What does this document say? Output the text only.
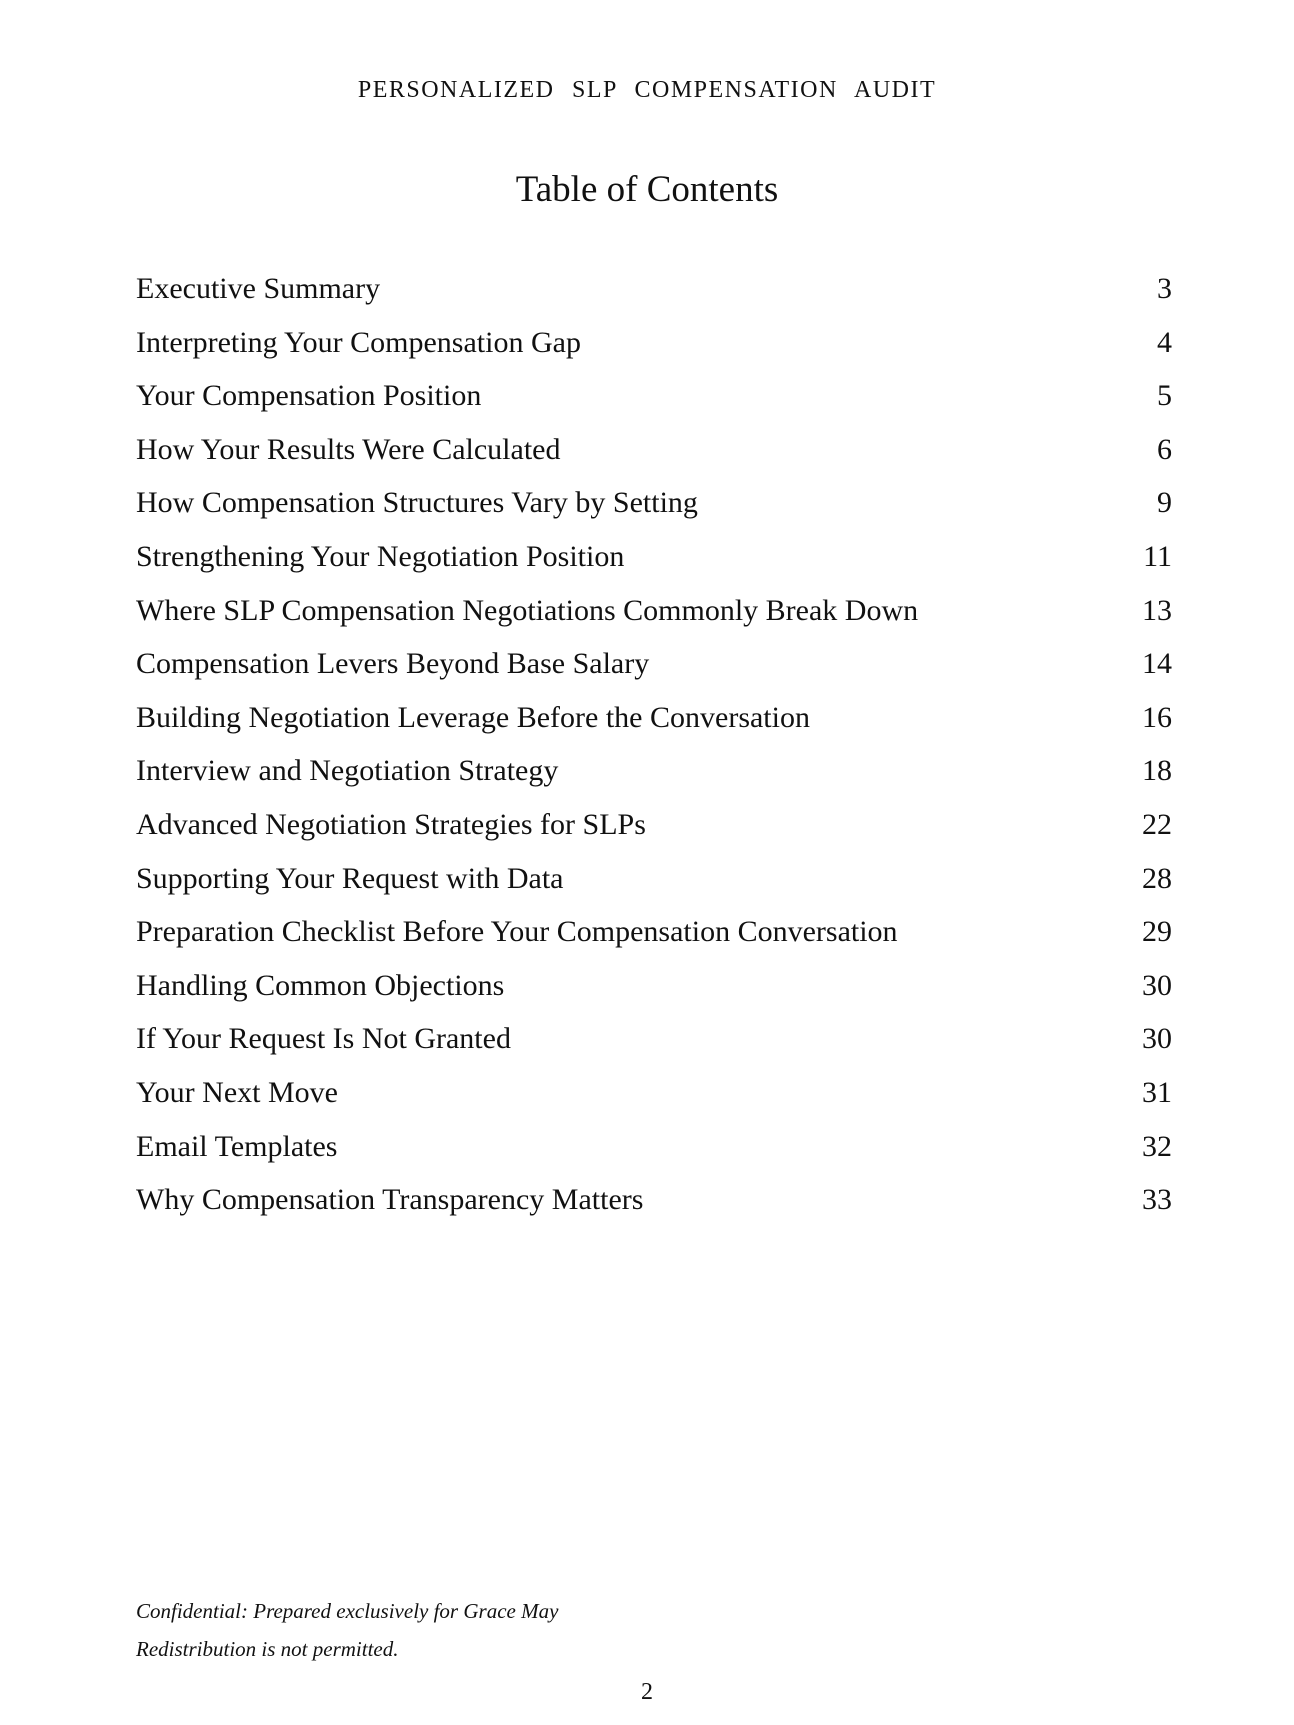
PERSONALIZED SLP COMPENSATION AUDIT
Table of Contents
Executive Summary	3
Interpreting Your Compensation Gap	4
Your Compensation Position	5
How Your Results Were Calculated	6
How Compensation Structures Vary by Setting	9
Strengthening Your Negotiation Position	11
Where SLP Compensation Negotiations Commonly Break Down	13
Compensation Levers Beyond Base Salary	14
Building Negotiation Leverage Before the Conversation	16
Interview and Negotiation Strategy	18
Advanced Negotiation Strategies for SLPs	22
Supporting Your Request with Data	28
Preparation Checklist Before Your Compensation Conversation	29
Handling Common Objections	30
If Your Request Is Not Granted	30
Your Next Move	31
Email Templates	32
Why Compensation Transparency Matters	33
Confidential: Prepared exclusively for Grace May
Redistribution is not permitted.
2
